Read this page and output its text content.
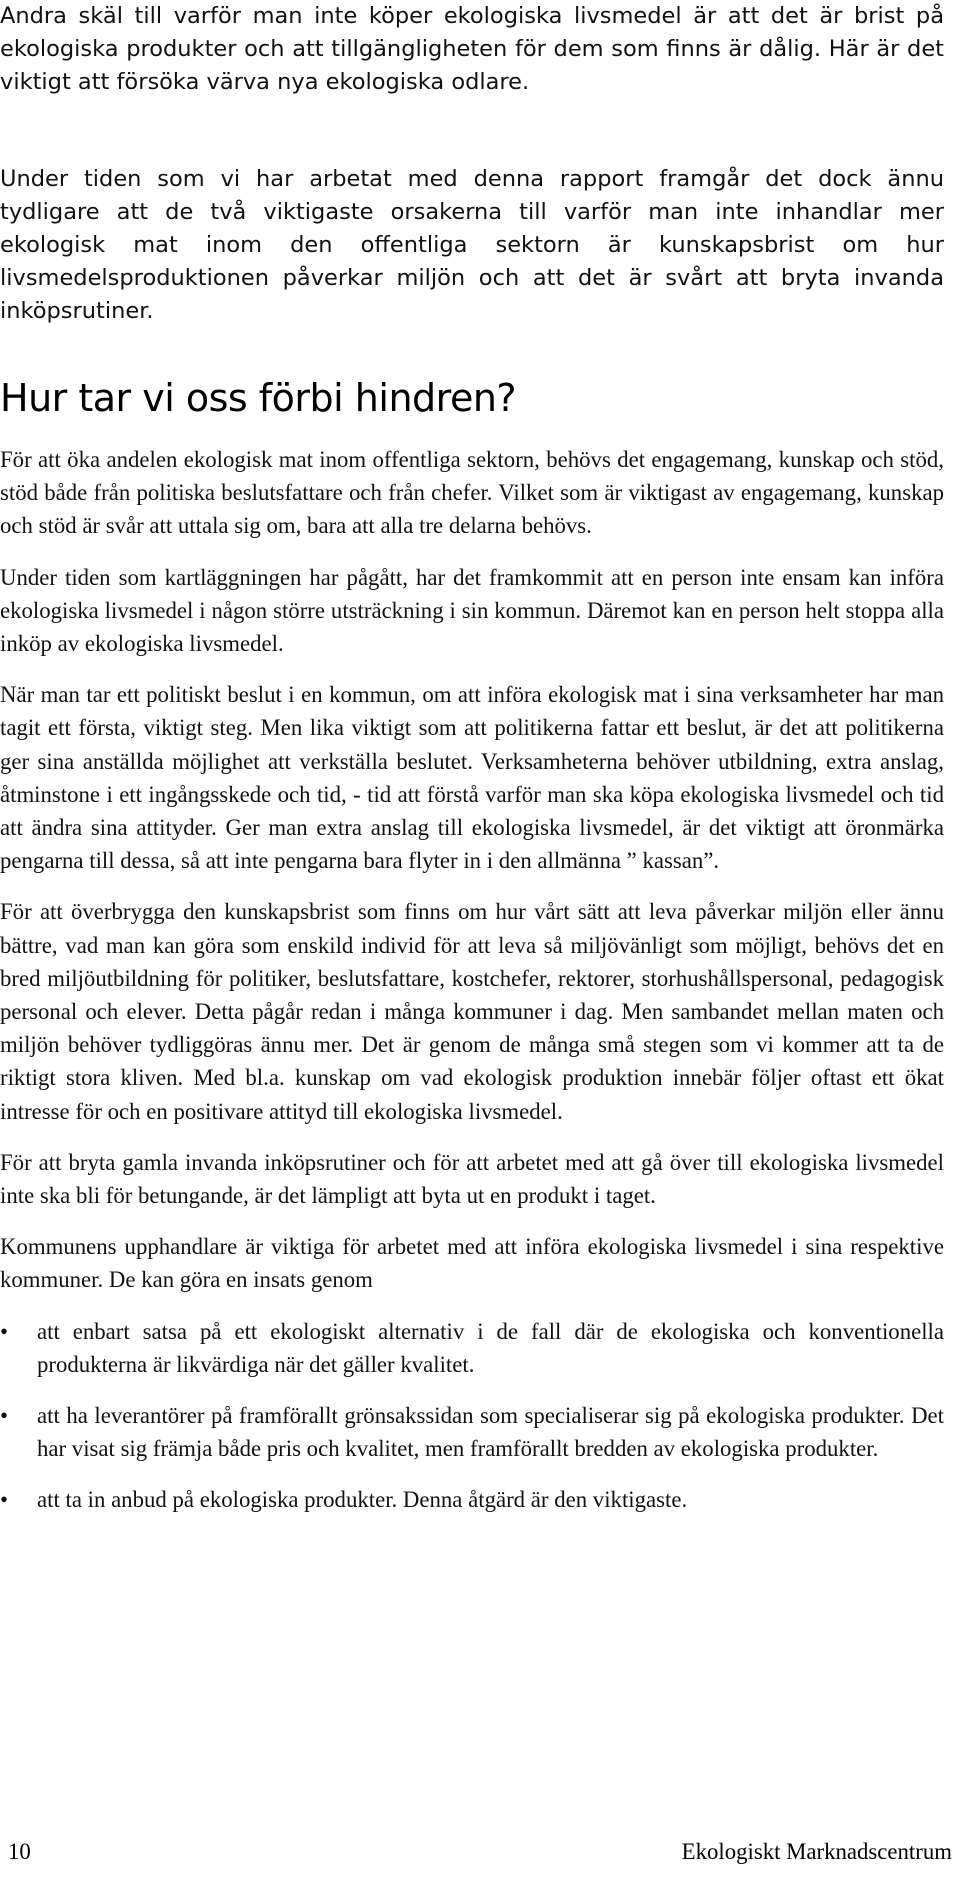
Andra skäl till varför man inte köper ekologiska livsmedel är att det är brist på ekologiska produkter och att tillgängligheten för dem som finns är dålig. Här är det viktigt att försöka värva nya ekologiska odlare.

Under tiden som vi har arbetat med denna rapport framgår det dock ännu tydligare att de två viktigaste orsakerna till varför man inte inhandlar mer ekologisk mat inom den offentliga sektorn är kunskapsbrist om hur livsmedelsproduktionen påverkar miljön och att det är svårt att bryta invanda inköpsrutiner.

Hur tar vi oss förbi hindren?

För att öka andelen ekologisk mat inom offentliga sektorn, behövs det engagemang, kunskap och stöd, stöd både från politiska beslutsfattare och från chefer. Vilket som är viktigast av engagemang, kunskap och stöd är svår att uttala sig om, bara att alla tre delarna behövs.

Under tiden som kartläggningen har pågått, har det framkommit att en person inte ensam kan införa ekologiska livsmedel i någon större utsträckning i sin kommun. Däremot kan en person helt stoppa alla inköp av ekologiska livsmedel.

När man tar ett politiskt beslut i en kommun, om att införa ekologisk mat i sina verksamheter har man tagit ett första, viktigt steg. Men lika viktigt som att politikerna fattar ett beslut, är det att politikerna ger sina anställda möjlighet att verkställa beslutet. Verksamheterna behöver utbildning, extra anslag, åtminstone i ett ingångsskede och tid, - tid att förstå varför man ska köpa ekologiska livsmedel och tid att ändra sina attityder. Ger man extra anslag till ekologiska livsmedel, är det viktigt att öronmärka pengarna till dessa, så att inte pengarna bara flyter in i den allmänna ” kassan”.

För att överbrygga den kunskapsbrist som finns om hur vårt sätt att leva påverkar miljön eller ännu bättre, vad man kan göra som enskild individ för att leva så miljövänligt som möjligt, behövs det en bred miljöutbildning för politiker, beslutsfattare, kostchefer, rektorer, storhushållspersonal, pedagogisk personal och elever. Detta pågår redan i många kommuner i dag. Men sambandet mellan maten och miljön behöver tydliggöras ännu mer. Det är genom de många små stegen som vi kommer att ta de riktigt stora kliven. Med bl.a. kunskap om vad ekologisk produktion innebär följer oftast ett ökat intresse för och en positivare attityd till ekologiska livsmedel.

För att bryta gamla invanda inköpsrutiner och för att arbetet med att gå över till ekologiska livsmedel inte ska bli för betungande, är det lämpligt att byta ut en produkt i taget.

Kommunens upphandlare är viktiga för arbetet med att införa ekologiska livsmedel i sina respektive kommuner. De kan göra en insats genom

• att enbart satsa på ett ekologiskt alternativ i de fall där de ekologiska och konventionella produkterna är likvärdiga när det gäller kvalitet.
• att ha leverantörer på framförallt grönsakssidan som specialiserar sig på ekologiska produkter. Det har visat sig främja både pris och kvalitet, men framförallt bredden av ekologiska produkter.
• att ta in anbud på ekologiska produkter. Denna åtgärd är den viktigaste.
10	Ekologiskt Marknadscentrum
